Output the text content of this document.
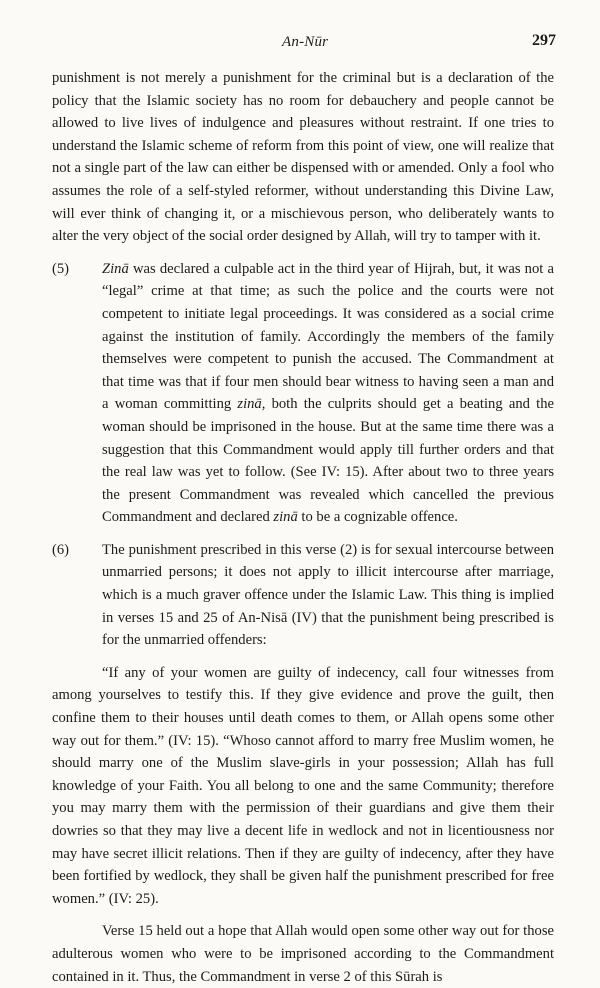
An-Nūr	297

punishment is not merely a punishment for the criminal but is a declaration of the policy that the Islamic society has no room for debauchery and people cannot be allowed to live lives of indulgence and pleasures without restraint. If one tries to understand the Islamic scheme of reform from this point of view, one will realize that not a single part of the law can either be dispensed with or amended. Only a fool who assumes the role of a self-styled reformer, without understanding this Divine Law, will ever think of changing it, or a mischievous person, who deliberately wants to alter the very object of the social order designed by Allah, will try to tamper with it.

(5) Zinā was declared a culpable act in the third year of Hijrah, but, it was not a “legal” crime at that time; as such the police and the courts were not competent to initiate legal proceedings. It was considered as a social crime against the institution of family. Accordingly the members of the family themselves were competent to punish the accused. The Commandment at that time was that if four men should bear witness to having seen a man and a woman committing zinā, both the culprits should get a beating and the woman should be imprisoned in the house. But at the same time there was a suggestion that this Commandment would apply till further orders and that the real law was yet to follow. (See IV: 15). After about two to three years the present Commandment was revealed which cancelled the previous Commandment and declared zinā to be a cognizable offence.

(6) The punishment prescribed in this verse (2) is for sexual intercourse between unmarried persons; it does not apply to illicit intercourse after marriage, which is a much graver offence under the Islamic Law. This thing is implied in verses 15 and 25 of An-Nisā (IV) that the punishment being prescribed is for the unmarried offenders:

“If any of your women are guilty of indecency, call four witnesses from among yourselves to testify this. If they give evidence and prove the guilt, then confine them to their houses until death comes to them, or Allah opens some other way out for them.” (IV: 15). “Whoso cannot afford to marry free Muslim women, he should marry one of the Muslim slave-girls in your possession; Allah has full knowledge of your Faith. You all belong to one and the same Community; therefore you may marry them with the permission of their guardians and give them their dowries so that they may live a decent life in wedlock and not in licentiousness nor may have secret illicit relations. Then if they are guilty of indecency, after they have been fortified by wedlock, they shall be given half the punishment prescribed for free women.” (IV: 25).

Verse 15 held out a hope that Allah would open some other way out for those adulterous women who were to be imprisoned according to the Commandment contained in it. Thus, the Commandment in verse 2 of this Sūrah is
